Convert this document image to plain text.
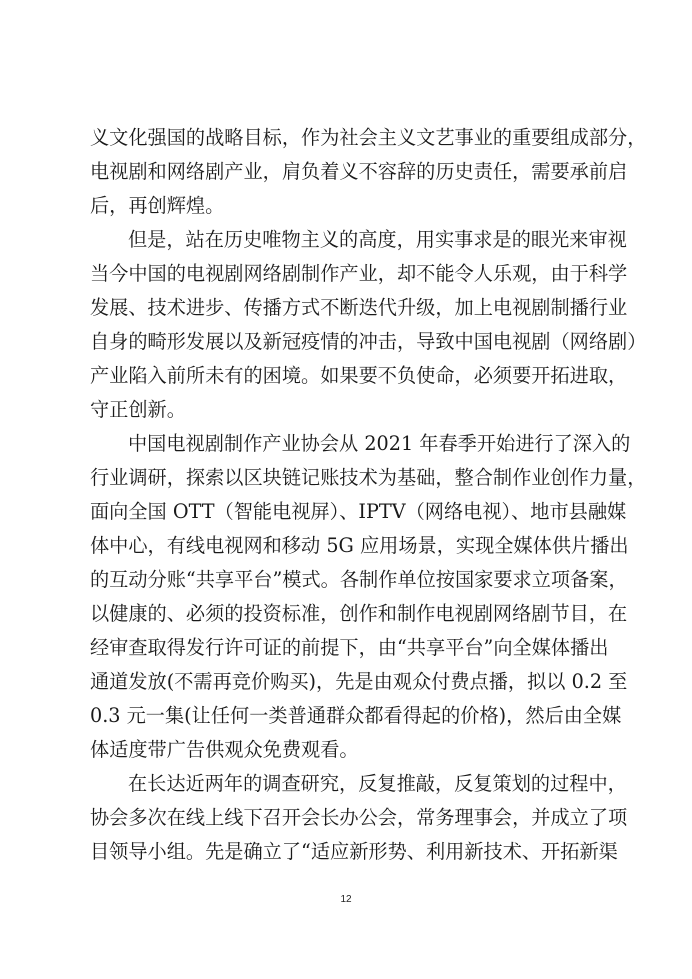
义文化强国的战略目标，作为社会主义文艺事业的重要组成部分，
电视剧和网络剧产业，肩负着义不容辞的历史责任，需要承前启
后，再创辉煌。
但是，站在历史唯物主义的高度，用实事求是的眼光来审视
当今中国的电视剧网络剧制作产业，却不能令人乐观，由于科学
发展、技术进步、传播方式不断迭代升级，加上电视剧制播行业
自身的畸形发展以及新冠疫情的冲击，导致中国电视剧（网络剧）
产业陷入前所未有的困境。如果要不负使命，必须要开拓进取，
守正创新。
中国电视剧制作产业协会从 2021 年春季开始进行了深入的
行业调研，探索以区块链记账技术为基础，整合制作业创作力量，
面向全国 OTT（智能电视屏）、IPTV（网络电视）、地市县融媒
体中心，有线电视网和移动 5G 应用场景，实现全媒体供片播出
的互动分账“共享平台”模式。各制作单位按国家要求立项备案，
以健康的、必须的投资标准，创作和制作电视剧网络剧节目，在
经审查取得发行许可证的前提下，由“共享平台”向全媒体播出
通道发放(不需再竞价购买)，先是由观众付费点播，拟以 0.2 至
0.3 元一集(让任何一类普通群众都看得起的价格)，然后由全媒
体适度带广告供观众免费观看。
在长达近两年的调查研究，反复推敲，反复策划的过程中，
协会多次在线上线下召开会长办公会，常务理事会，并成立了项
目领导小组。先是确立了“适应新形势、利用新技术、开拓新渠
12
